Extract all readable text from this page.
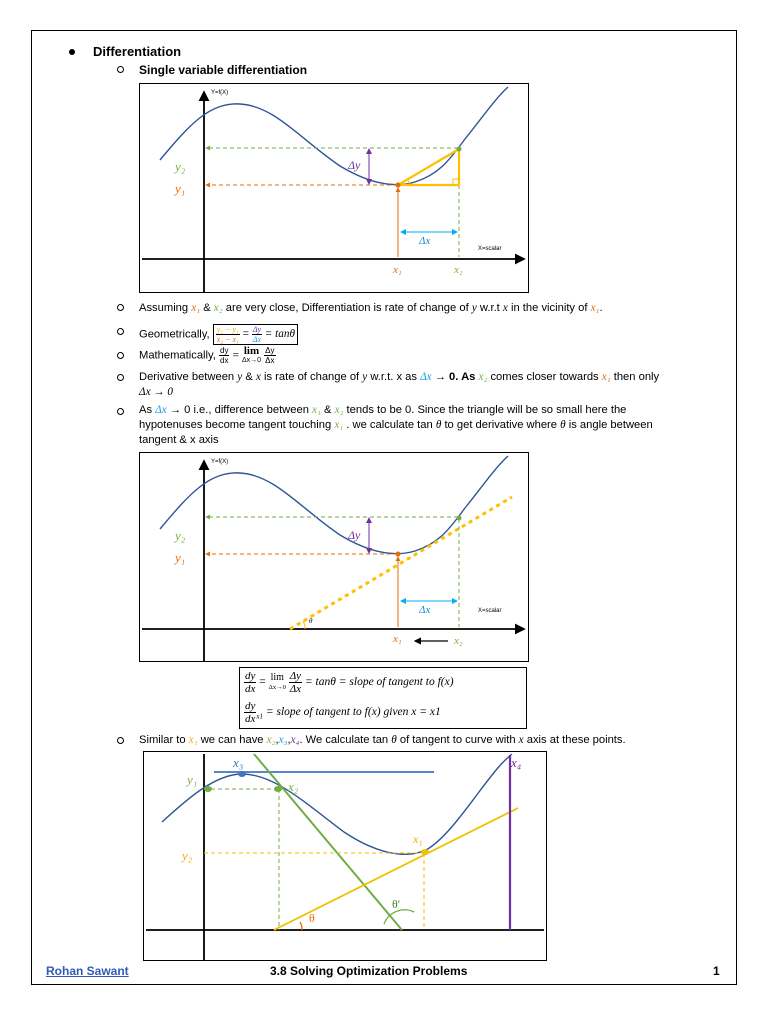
Differentiation
Single variable differentiation
Y=f(X)
X=scalar
y₂
y₁
Δy
Δx
x₁	x₂
Assuming x₁ & x₂ are very close, Differentiation is rate of change of y w.r.t x in the vicinity of x₁.
Geometrically, $\frac{\text{y₂ − y₁}}{\text{x₂ − x₁}} = \frac{\Delta y}{\Delta x} = \tan\theta$
Mathematically, $\frac{dy}{dx} = \lim$
Δx→0
$\frac{\Delta y}{\Delta x}$
Derivative between y & x is rate of change of y w.r.t. x as Δx → 0. As x₂ comes closer towards x₁ then only
Δx → 0
As Δx → 0 i.e., difference between x₁ & x₂ tends to be 0. Since the triangle will be so small here the
hypotenuses become tangent touching x₁ . we calculate tan θ to get derivative where θ is angle between
tangent & x axis
Y=f(X)
X=scalar
y₂
y₁
Δy
Δx
θ
x₁	x₂
$\frac{dy}{dx} = \lim$
Δx→0
$\frac{\Delta y}{\Delta x} = \tan\theta$ = slope of tangent to f(x)
$\frac{dy}{dx} _{x1}$ = slope of tangent to f(x) given x = x1
Similar to x₁ we can have x₂,x₃,x₄. We calculate tan θ of tangent to curve with x axis at these points.
x₃	x₄
x₂
x₁
y₁
y₂
θ
θ'
Rohan Sawant	3.8 Solving Optimization Problems	1
